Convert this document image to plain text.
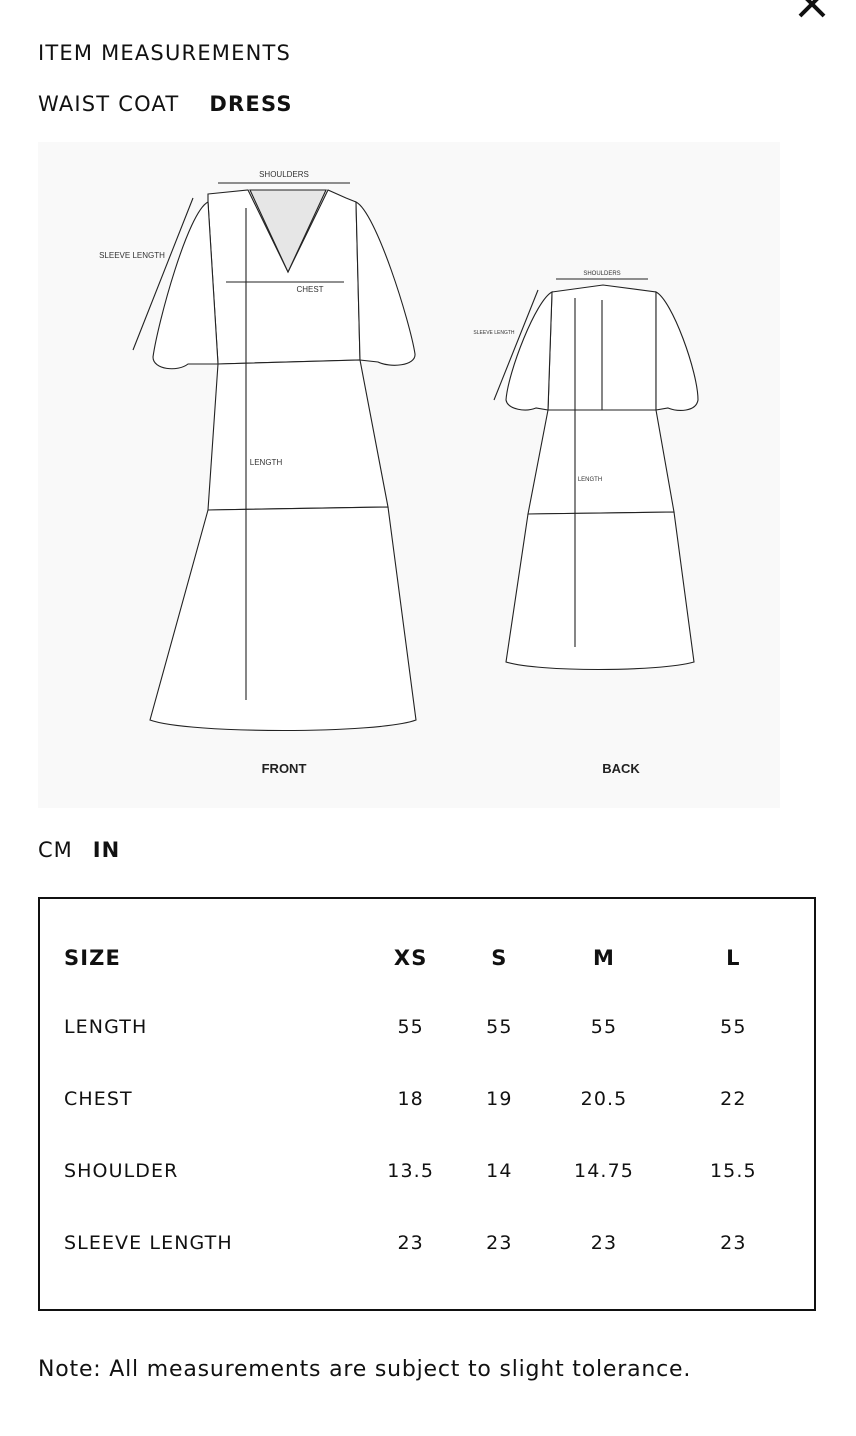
ITEM MEASUREMENTS
WAIST COAT DRESS
SHOULDERS
SLEEVE LENGTH
CHEST
LENGTH
SHOULDERS
SLEEVE LENGTH
LENGTH
FRONT	BACK
CM IN
SIZE	XS	S	M	L
LENGTH	55	55	55	55
CHEST	18	19	20.5	22
SHOULDER	13.5	14	14.75	15.5
SLEEVE LENGTH	23	23	23	23

Note: All measurements are subject to slight tolerance.
